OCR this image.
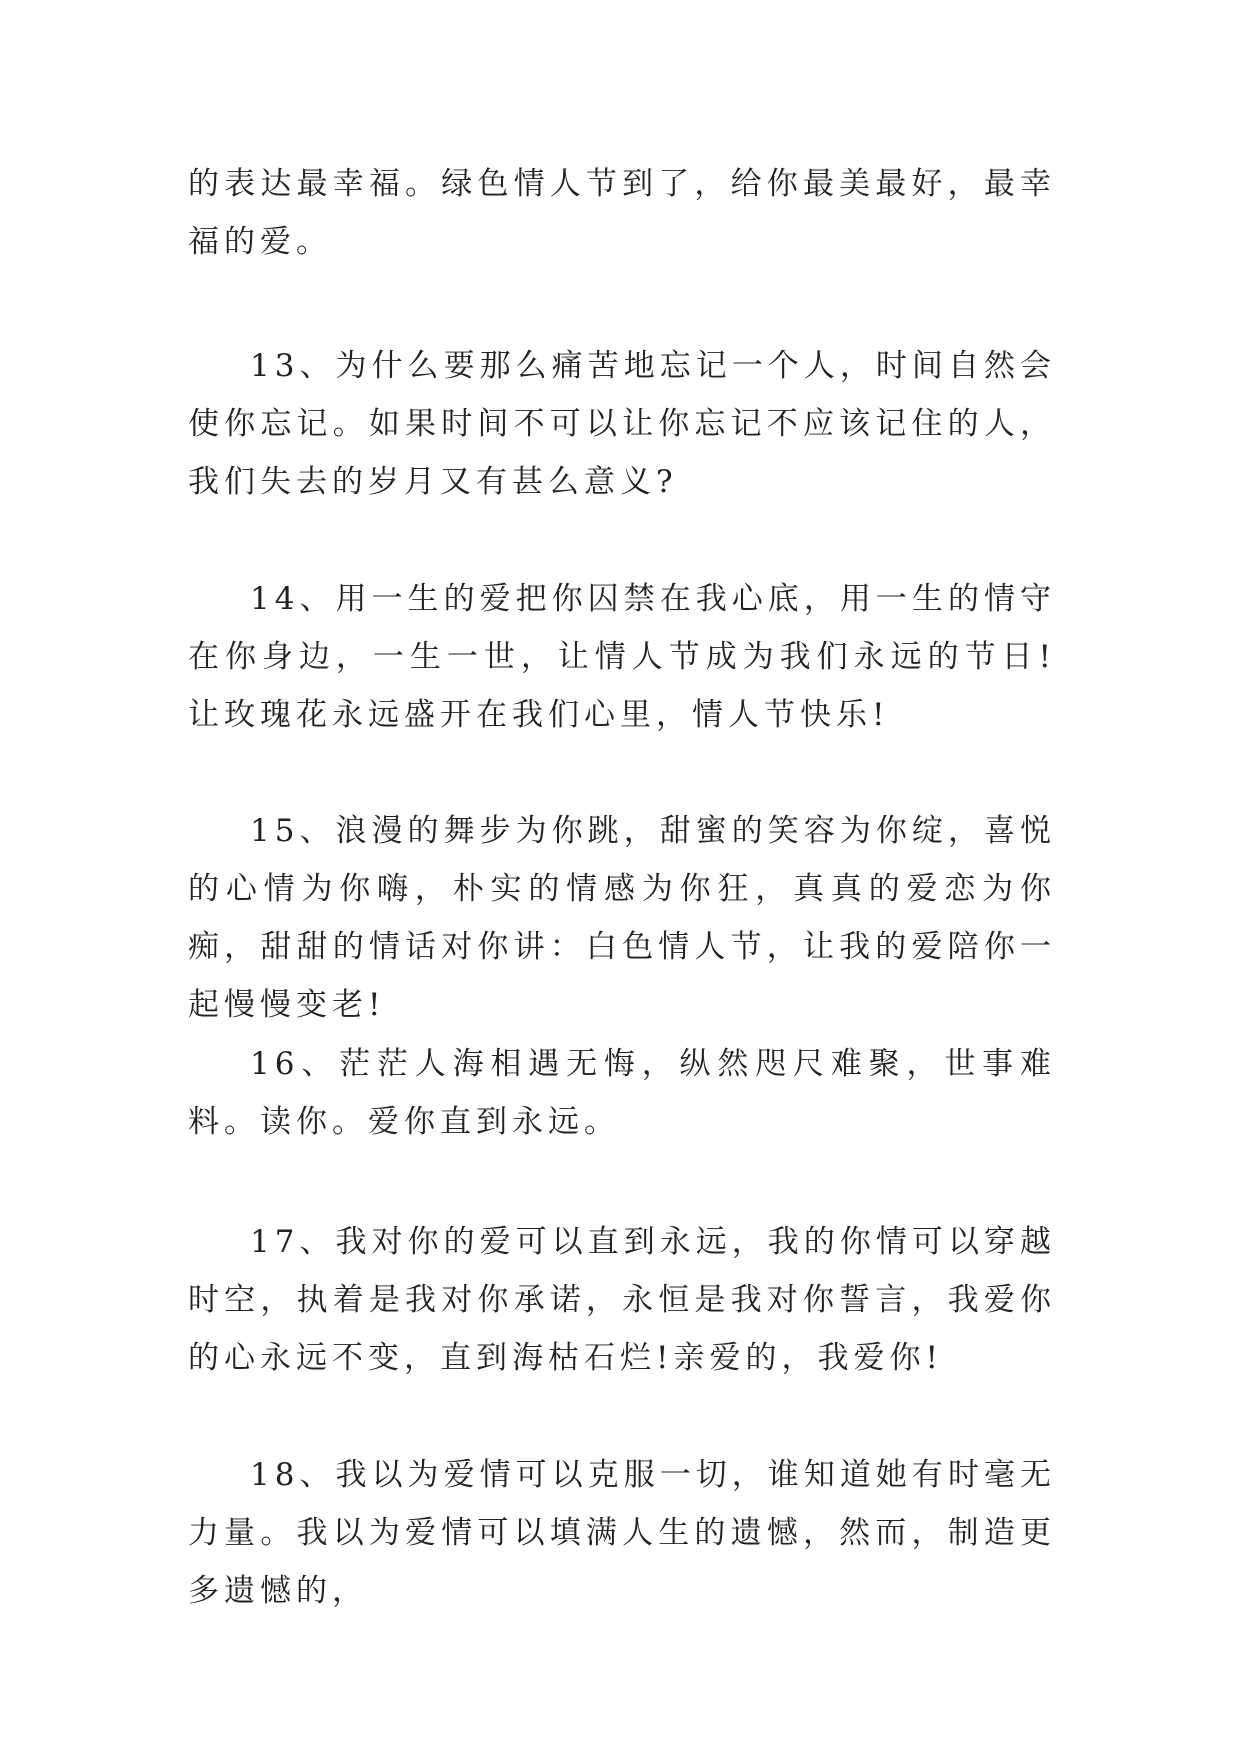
的表达最幸福。绿色情人节到了，给你最美最好，最幸福的爱。

13、为什么要那么痛苦地忘记一个人，时间自然会使你忘记。如果时间不可以让你忘记不应该记住的人，我们失去的岁月又有甚么意义?

14、用一生的爱把你囚禁在我心底，用一生的情守在你身边，一生一世，让情人节成为我们永远的节日!让玫瑰花永远盛开在我们心里，情人节快乐!

15、浪漫的舞步为你跳，甜蜜的笑容为你绽，喜悦的心情为你嗨，朴实的情感为你狂，真真的爱恋为你痴，甜甜的情话对你讲：白色情人节，让我的爱陪你一起慢慢变老!

16、茫茫人海相遇无悔，纵然咫尺难聚，世事难料。读你。爱你直到永远。

17、我对你的爱可以直到永远，我的你情可以穿越时空，执着是我对你承诺，永恒是我对你誓言，我爱你的心永远不变，直到海枯石烂!亲爱的，我爱你!

18、我以为爱情可以克服一切，谁知道她有时毫无力量。我以为爱情可以填满人生的遗憾，然而，制造更多遗憾的，
